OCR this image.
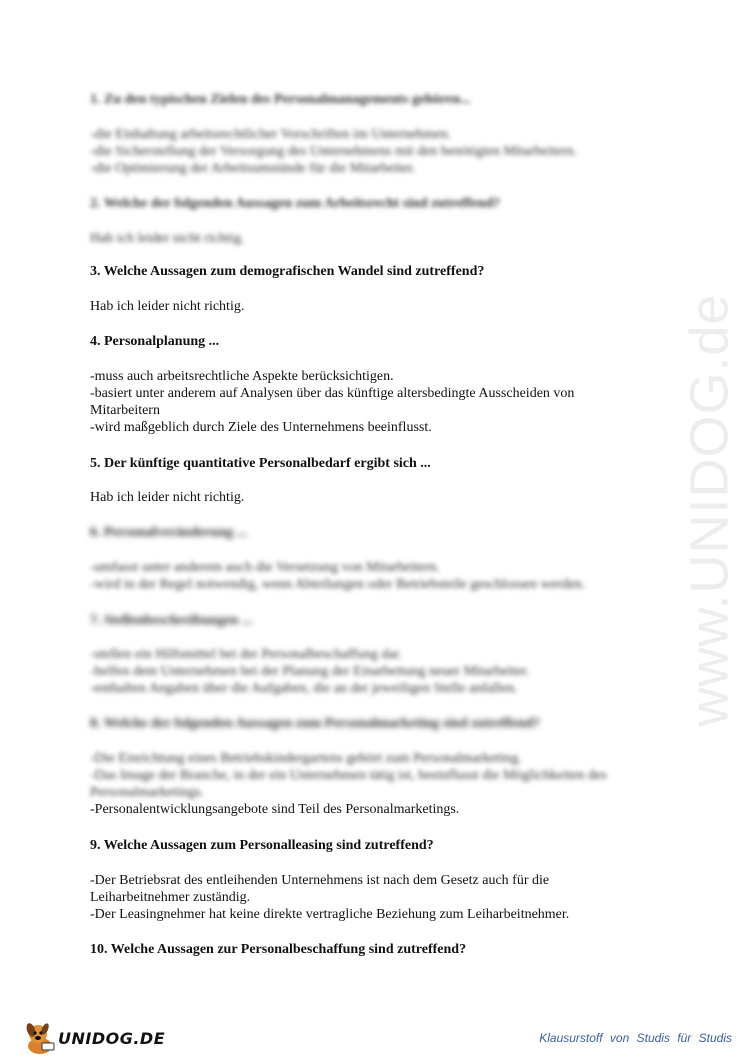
www.UNIDOG.de
1. Zu den typischen Zielen des Personalmanagements gehören...
-die Einhaltung arbeitsrechtlicher Vorschriften im Unternehmen.
-die Sicherstellung der Versorgung des Unternehmens mit den benötigten Mitarbeitern.
-die Optimierung der Arbeitsumstände für die Mitarbeiter.
2. Welche der folgenden Aussagen zum Arbeitsrecht sind zutreffend?
Hab ich leider nicht richtig.
3. Welche Aussagen zum demografischen Wandel sind zutreffend?
Hab ich leider nicht richtig.
4. Personalplanung ...
-muss auch arbeitsrechtliche Aspekte berücksichtigen.
-basiert unter anderem auf Analysen über das künftige altersbedingte Ausscheiden von
Mitarbeitern
-wird maßgeblich durch Ziele des Unternehmens beeinflusst.
5. Der künftige quantitative Personalbedarf ergibt sich ...
Hab ich leider nicht richtig.
6. Personalveränderung ...
-umfasst unter anderem auch die Versetzung von Mitarbeitern.
-wird in der Regel notwendig, wenn Abteilungen oder Betriebsteile geschlossen werden.
7. Stellenbeschreibungen ...
-stellen ein Hilfsmittel bei der Personalbeschaffung dar.
-helfen dem Unternehmen bei der Planung der Einarbeitung neuer Mitarbeiter.
-enthalten Angaben über die Aufgaben, die an der jeweiligen Stelle anfallen.
8. Welche der folgenden Aussagen zum Personalmarketing sind zutreffend?
-Die Einrichtung eines Betriebskindergartens gehört zum Personalmarketing.
-Das Image der Branche, in der ein Unternehmen tätig ist, beeinflusst die Möglichkeiten des
Personalmarketings.
-Personalentwicklungsangebote sind Teil des Personalmarketings.
9. Welche Aussagen zum Personalleasing sind zutreffend?
-Der Betriebsrat des entleihenden Unternehmens ist nach dem Gesetz auch für die
Leiharbeitnehmer zuständig.
-Der Leasingnehmer hat keine direkte vertragliche Beziehung zum Leiharbeitnehmer.
10. Welche Aussagen zur Personalbeschaffung sind zutreffend?
UNIDOG.DE	Klausurstoff von Studis für Studis
